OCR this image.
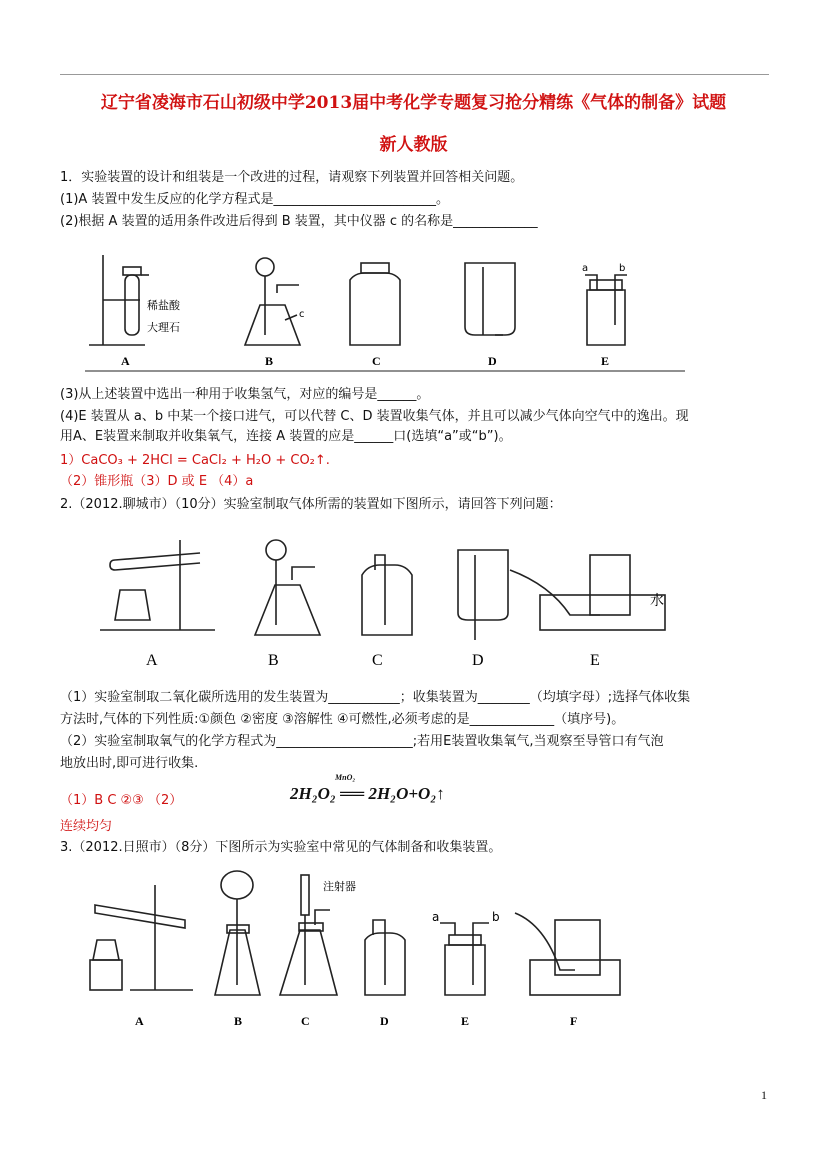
辽宁省凌海市石山初级中学2013届中考化学专题复习抢分精练《气体的制备》试题
新人教版
1．实验装置的设计和组装是一个改进的过程，请观察下列装置并回答相关问题。
(1)A 装置中发生反应的化学方程式是_________________________。
(2)根据 A 装置的适用条件改进后得到 B 装置，其中仪器 c 的名称是_____________
A	B	C	D	E
稀盐酸
大理石
c
a	b
(3)从上述装置中选出一种用于收集氢气，对应的编号是______。
(4)E 装置从 a、b 中某一个接口进气，可以代替 C、D 装置收集气体，并且可以减少气体向空气中的逸出。现
用A、E装置来制取并收集氧气，连接 A 装置的应是______口(选填“a”或“b”)。
1）CaCO₃ + 2HCl = CaCl₂ + H₂O + CO₂↑.
（2）锥形瓶（3）D 或 E （4）a
2.（2012.聊城市）（10分）实验室制取气体所需的装置如下图所示，请回答下列问题：
A	B	C	D	E
水
（1）实验室制取二氧化碳所选用的发生装置为___________；收集装置为________（均填字母）;选择气体收集
方法时,气体的下列性质:①颜色 ②密度 ③溶解性 ④可燃性,必须考虑的是_____________（填序号)。
（2）实验室制取氧气的化学方程式为_____________________;若用E装置收集氧气,当观察至导管口有气泡
地放出时,即可进行收集.
（1）B C ②③ （2）	2H₂O₂ ══ 2H₂O+O₂↑
MnO₂
连续均匀
3.（2012.日照市）（8分）下图所示为实验室中常见的气体制备和收集装置。
A	B	C	D	E	F
注射器
a	b
1
